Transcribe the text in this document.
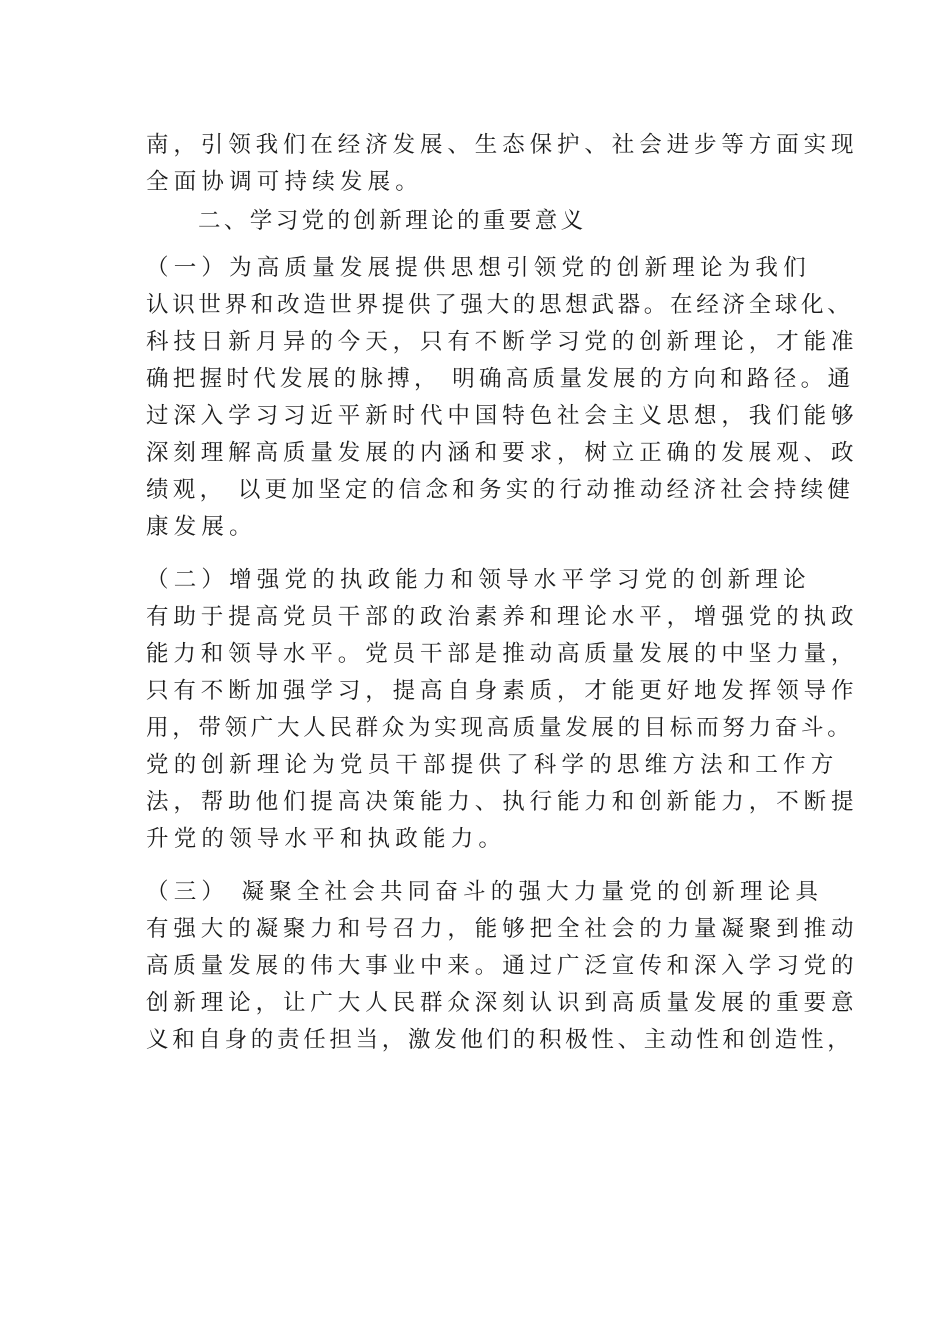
南，引领我们在经济发展、生态保护、社会进步等方面实现
全面协调可持续发展。
二、学习党的创新理论的重要意义
（一）为高质量发展提供思想引领党的创新理论为我们
认识世界和改造世界提供了强大的思想武器。在经济全球化、
科技日新月异的今天，只有不断学习党的创新理论，才能准
确把握时代发展的脉搏， 明确高质量发展的方向和路径。通
过深入学习习近平新时代中国特色社会主义思想，我们能够
深刻理解高质量发展的内涵和要求，树立正确的发展观、政
绩观， 以更加坚定的信念和务实的行动推动经济社会持续健
康发展。
（二）增强党的执政能力和领导水平学习党的创新理论
有助于提高党员干部的政治素养和理论水平，增强党的执政
能力和领导水平。党员干部是推动高质量发展的中坚力量，
只有不断加强学习，提高自身素质，才能更好地发挥领导作
用，带领广大人民群众为实现高质量发展的目标而努力奋斗。
党的创新理论为党员干部提供了科学的思维方法和工作方
法，帮助他们提高决策能力、执行能力和创新能力，不断提
升党的领导水平和执政能力。
（三） 凝聚全社会共同奋斗的强大力量党的创新理论具
有强大的凝聚力和号召力，能够把全社会的力量凝聚到推动
高质量发展的伟大事业中来。通过广泛宣传和深入学习党的
创新理论，让广大人民群众深刻认识到高质量发展的重要意
义和自身的责任担当，激发他们的积极性、主动性和创造性，
